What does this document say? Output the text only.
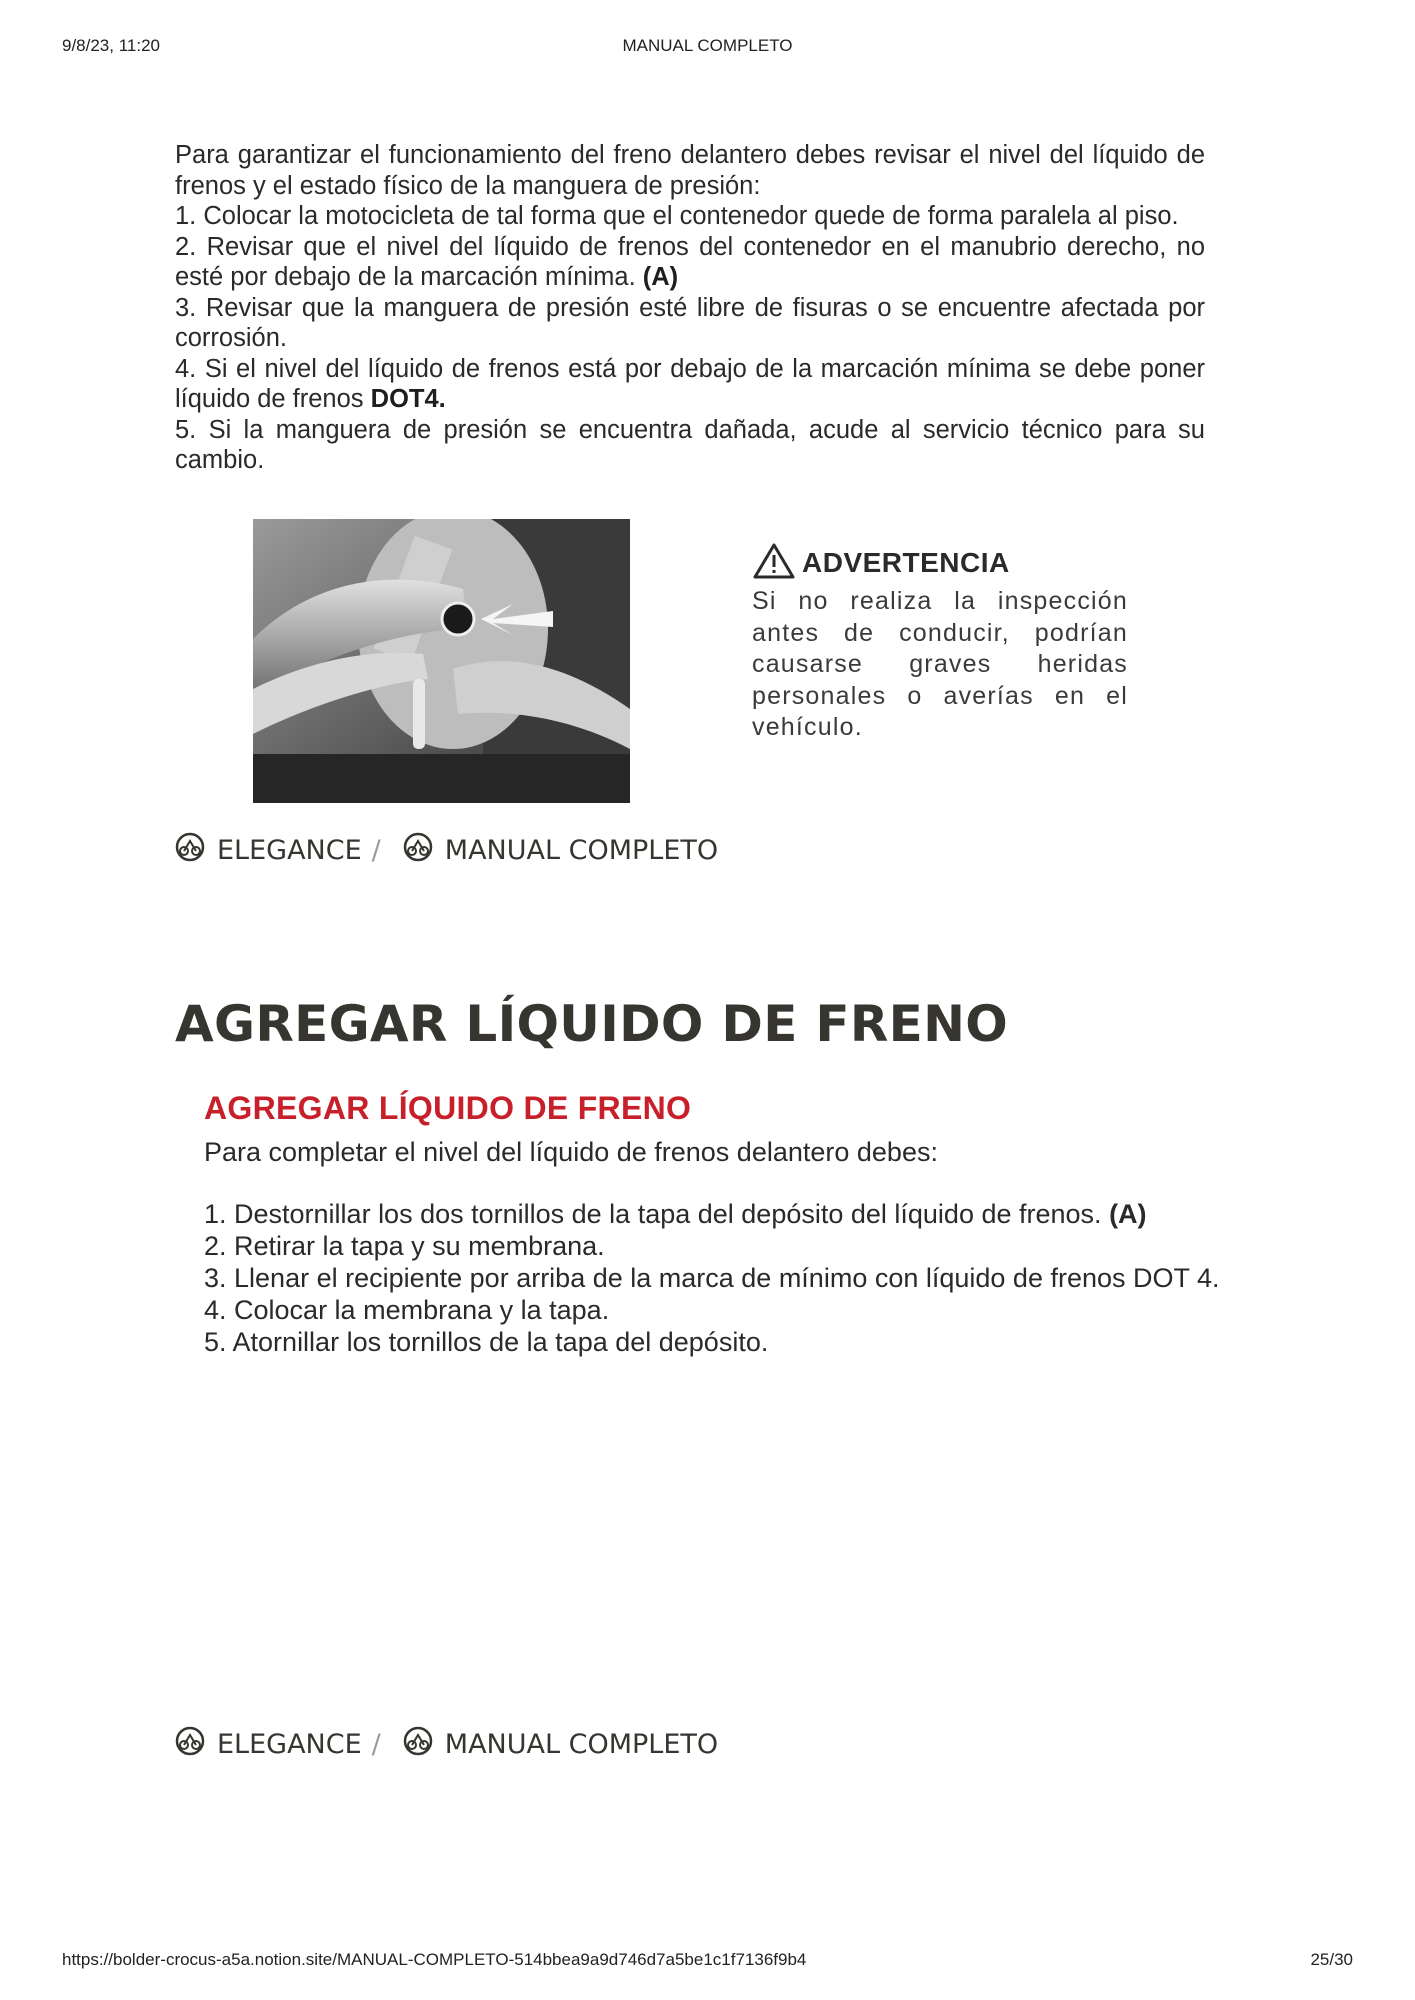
9/8/23, 11:20	MANUAL COMPLETO

Para garantizar el funcionamiento del freno delantero debes revisar el nivel del líquido de frenos y el estado físico de la manguera de presión:

1. Colocar la motocicleta de tal forma que el contenedor quede de forma paralela al piso.

2. Revisar que el nivel del líquido de frenos del contenedor en el manubrio derecho, no esté por debajo de la marcación mínima. (A)

3. Revisar que la manguera de presión esté libre de fisuras o se encuentre afectada por corrosión.

4. Si el nivel del líquido de frenos está por debajo de la marcación mínima se debe poner líquido de frenos DOT4.

5. Si la manguera de presión se encuentra dañada, acude al servicio técnico para su cambio.

ADVERTENCIA
Si no realiza la inspección antes de conducir, podrían causarse graves heridas personales o averías en el vehículo.
ELEGANCE / MANUAL COMPLETO
AGREGAR LÍQUIDO DE FRENO
AGREGAR LÍQUIDO DE FRENO
Para completar el nivel del líquido de frenos delantero debes:
1. Destornillar los dos tornillos de la tapa del depósito del líquido de frenos. (A)
2. Retirar la tapa y su membrana.
3. Llenar el recipiente por arriba de la marca de mínimo con líquido de frenos DOT 4.
4. Colocar la membrana y la tapa.
5. Atornillar los tornillos de la tapa del depósito.
ELEGANCE / MANUAL COMPLETO
https://bolder-crocus-a5a.notion.site/MANUAL-COMPLETO-514bbea9a9d746d7a5be1c1f7136f9b4	25/30
